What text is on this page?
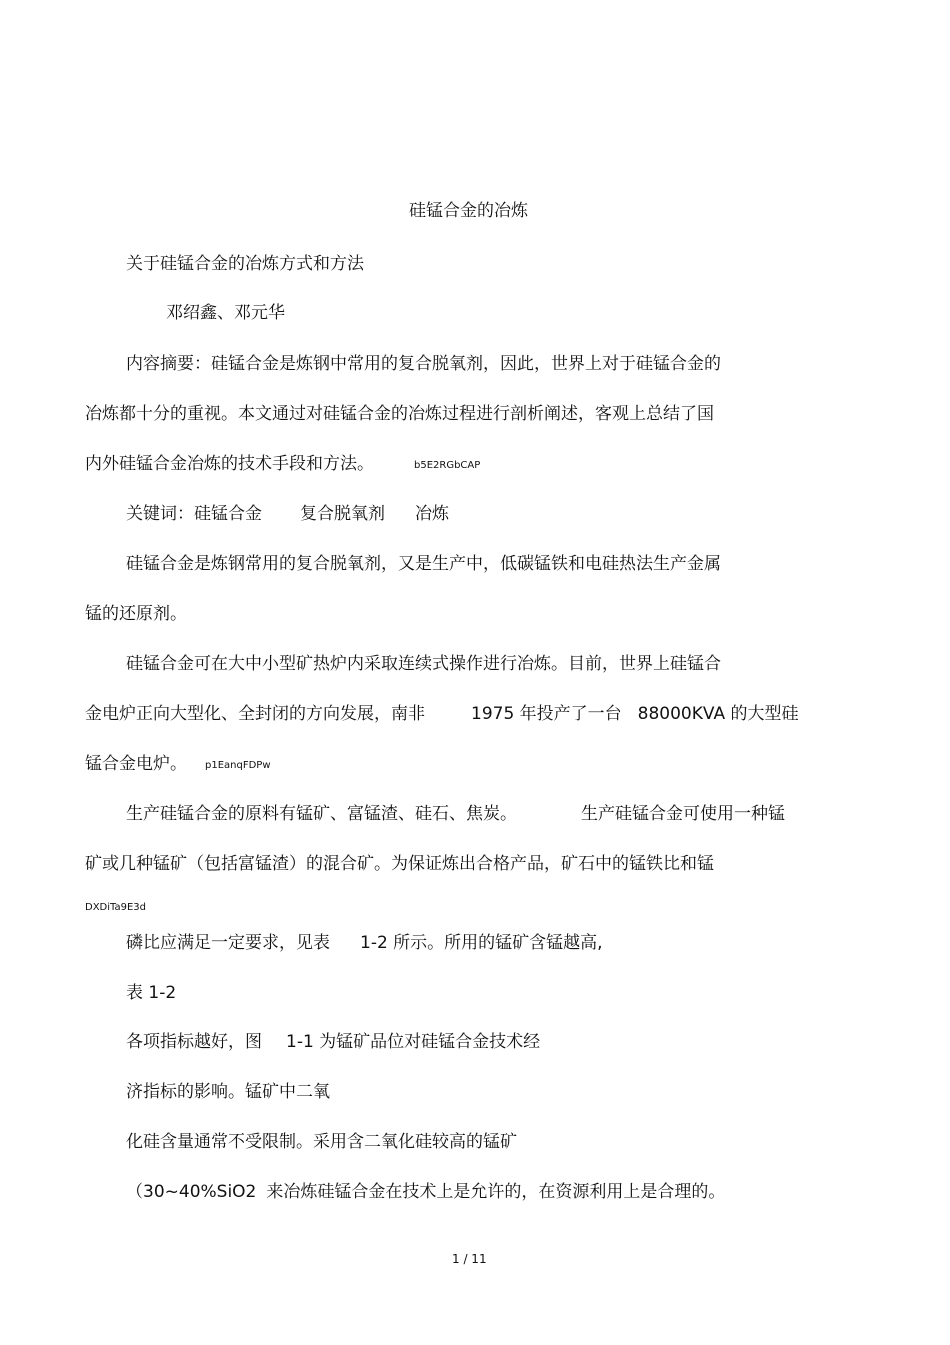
硅锰合金的冶炼
关于硅锰合金的冶炼方式和方法
邓绍鑫、邓元华
内容摘要：硅锰合金是炼钢中常用的复合脱氧剂，因此，世界上对于硅锰合金的
冶炼都十分的重视。本文通过对硅锰合金的冶炼过程进行剖析阐述，客观上总结了国
内外硅锰合金冶炼的技术手段和方法。	b5E2RGbCAP
关键词：硅锰合金 复合脱氧剂 冶炼
硅锰合金是炼钢常用的复合脱氧剂，又是生产中，低碳锰铁和电硅热法生产金属
锰的还原剂。
硅锰合金可在大中小型矿热炉内采取连续式操作进行冶炼。目前，世界上硅锰合
金电炉正向大型化、全封闭的方向发展，南非	1975 年投产了一台 88000KVA 的大型硅
锰合金电炉。 p1EanqFDPw
生产硅锰合金的原料有锰矿、富锰渣、硅石、焦炭。	生产硅锰合金可使用一种锰
矿或几种锰矿（包括富锰渣）的混合矿。为保证炼出合格产品，矿石中的锰铁比和锰
DXDiTa9E3d
磷比应满足一定要求，见表 1-2 所示。所用的锰矿含锰越高,
表 1-2
各项指标越好，图 1-1 为锰矿品位对硅锰合金技术经
济指标的影响。锰矿中二氧
化硅含量通常不受限制。采用含二氧化硅较高的锰矿
（30~40%SiO2 来冶炼硅锰合金在技术上是允许的，在资源利用上是合理的。
1 / 11
